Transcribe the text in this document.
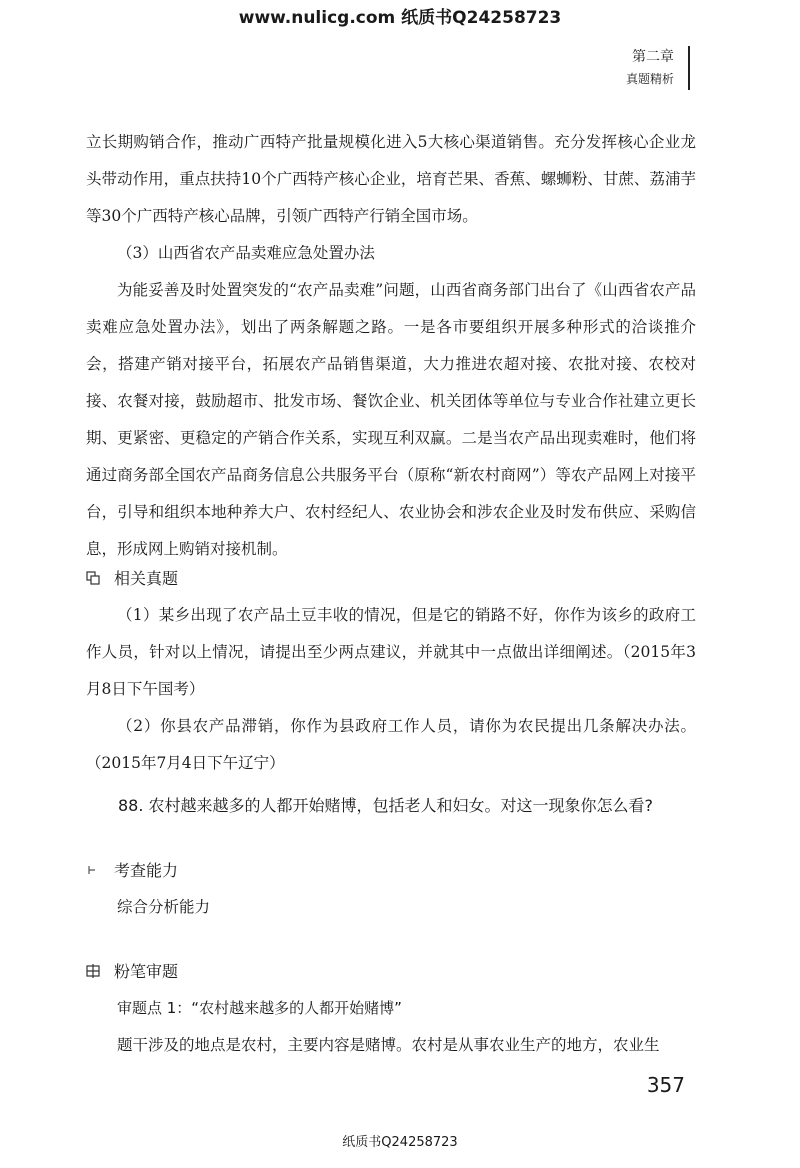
www.nulicg.com 纸质书Q24258723
第二章
真题精析

立长期购销合作，推动广西特产批量规模化进入5大核心渠道销售。充分发挥核心企业龙头带动作用，重点扶持10个广西特产核心企业，培育芒果、香蕉、螺蛳粉、甘蔗、荔浦芋等30个广西特产核心品牌，引领广西特产行销全国市场。

（3）山西省农产品卖难应急处置办法

为能妥善及时处置突发的“农产品卖难”问题，山西省商务部门出台了《山西省农产品卖难应急处置办法》，划出了两条解题之路。一是各市要组织开展多种形式的洽谈推介会，搭建产销对接平台，拓展农产品销售渠道，大力推进农超对接、农批对接、农校对接、农餐对接，鼓励超市、批发市场、餐饮企业、机关团体等单位与专业合作社建立更长期、更紧密、更稳定的产销合作关系，实现互利双赢。二是当农产品出现卖难时，他们将通过商务部全国农产品商务信息公共服务平台（原称“新农村商网”）等农产品网上对接平台，引导和组织本地种养大户、农村经纪人、农业协会和涉农企业及时发布供应、采购信息，形成网上购销对接机制。

相关真题

（1）某乡出现了农产品土豆丰收的情况，但是它的销路不好，你作为该乡的政府工作人员，针对以上情况，请提出至少两点建议，并就其中一点做出详细阐述。（2015年3月8日下午国考）

（2）你县农产品滞销，你作为县政府工作人员，请你为农民提出几条解决办法。（2015年7月4日下午辽宁）

88. 农村越来越多的人都开始赌博，包括老人和妇女。对这一现象你怎么看?
考查能力
综合分析能力
粉笔审题
审题点 1：“农村越来越多的人都开始赌博”

题干涉及的地点是农村，主要内容是赌博。农村是从事农业生产的地方，农业生

357
纸质书Q24258723
